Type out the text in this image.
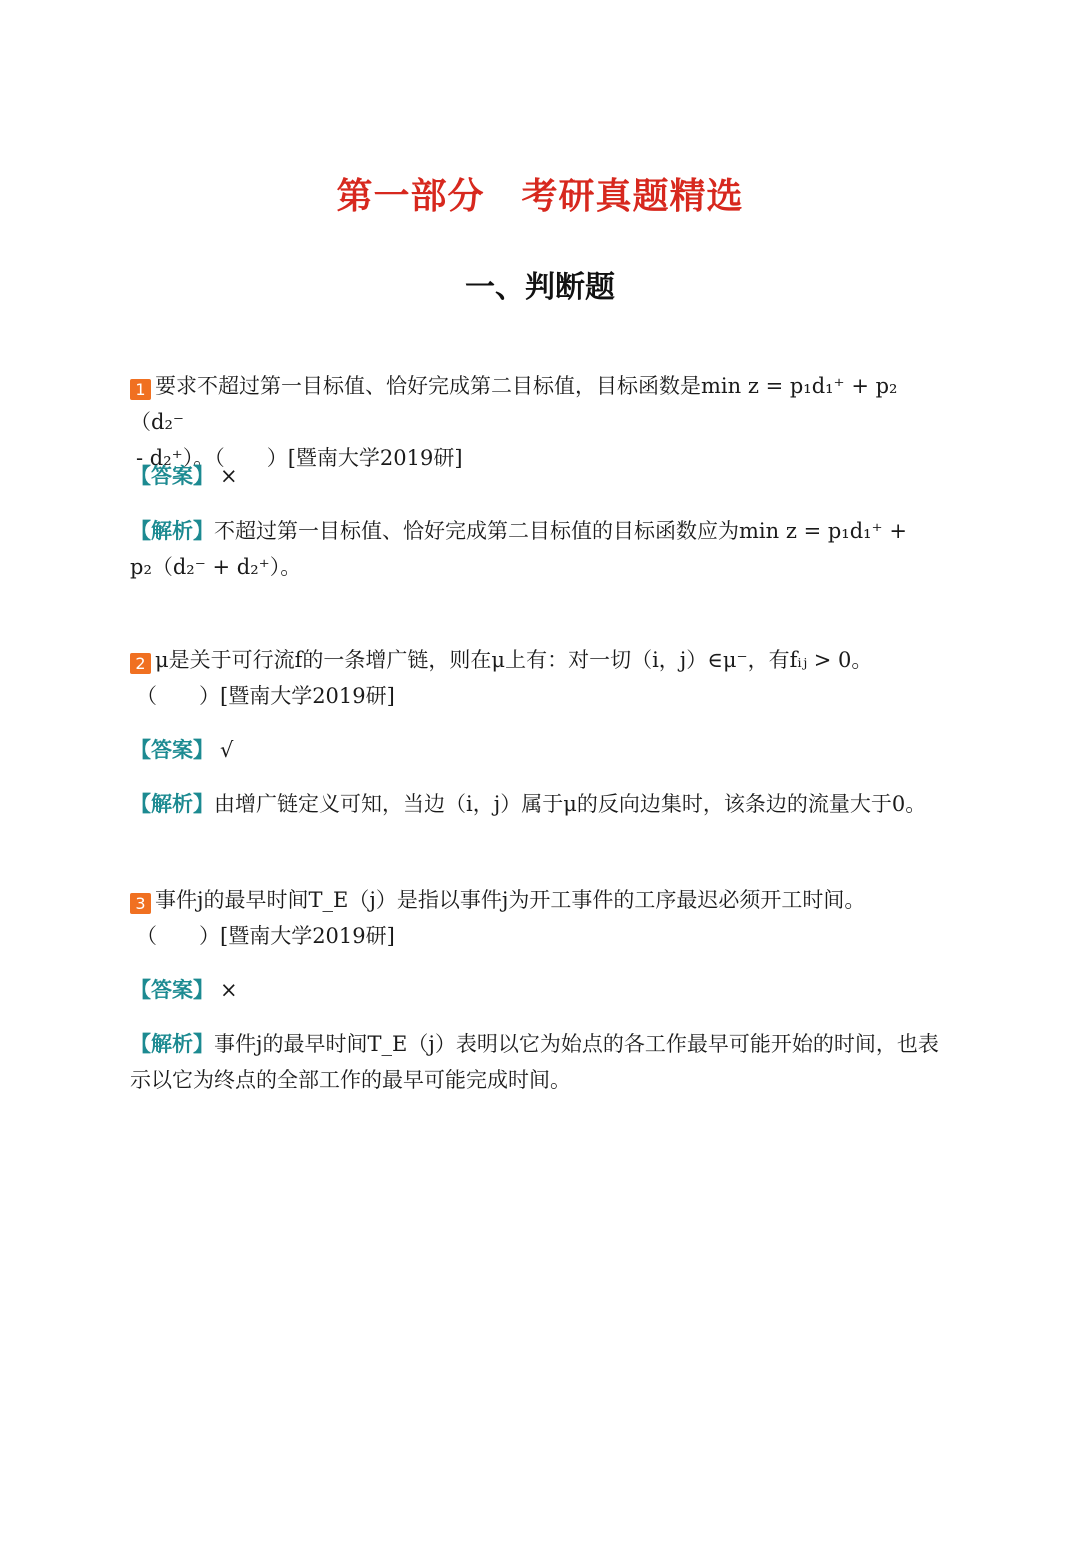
第一部分　考研真题精选
一、判断题
1 要求不超过第一目标值、恰好完成第二目标值，目标函数是min z = p₁d₁⁺ + p₂（d₂⁻
- d₂⁺）。（　　）[暨南大学2019研]
【答案】 ×
【解析】不超过第一目标值、恰好完成第二目标值的目标函数应为min z = p₁d₁⁺ +
p₂（d₂⁻ + d₂⁺）。
2 μ是关于可行流f的一条增广链，则在μ上有：对一切（i，j）∈μ⁻，有fᵢⱼ > 0。
（　　）[暨南大学2019研]
【答案】 √
【解析】由增广链定义可知，当边（i，j）属于μ的反向边集时，该条边的流量大于0。
3 事件j的最早时间T_E（j）是指以事件j为开工事件的工序最迟必须开工时间。
（　　）[暨南大学2019研]
【答案】 ×
【解析】事件j的最早时间T_E（j）表明以它为始点的各工作最早可能开始的时间，也表
示以它为终点的全部工作的最早可能完成时间。
